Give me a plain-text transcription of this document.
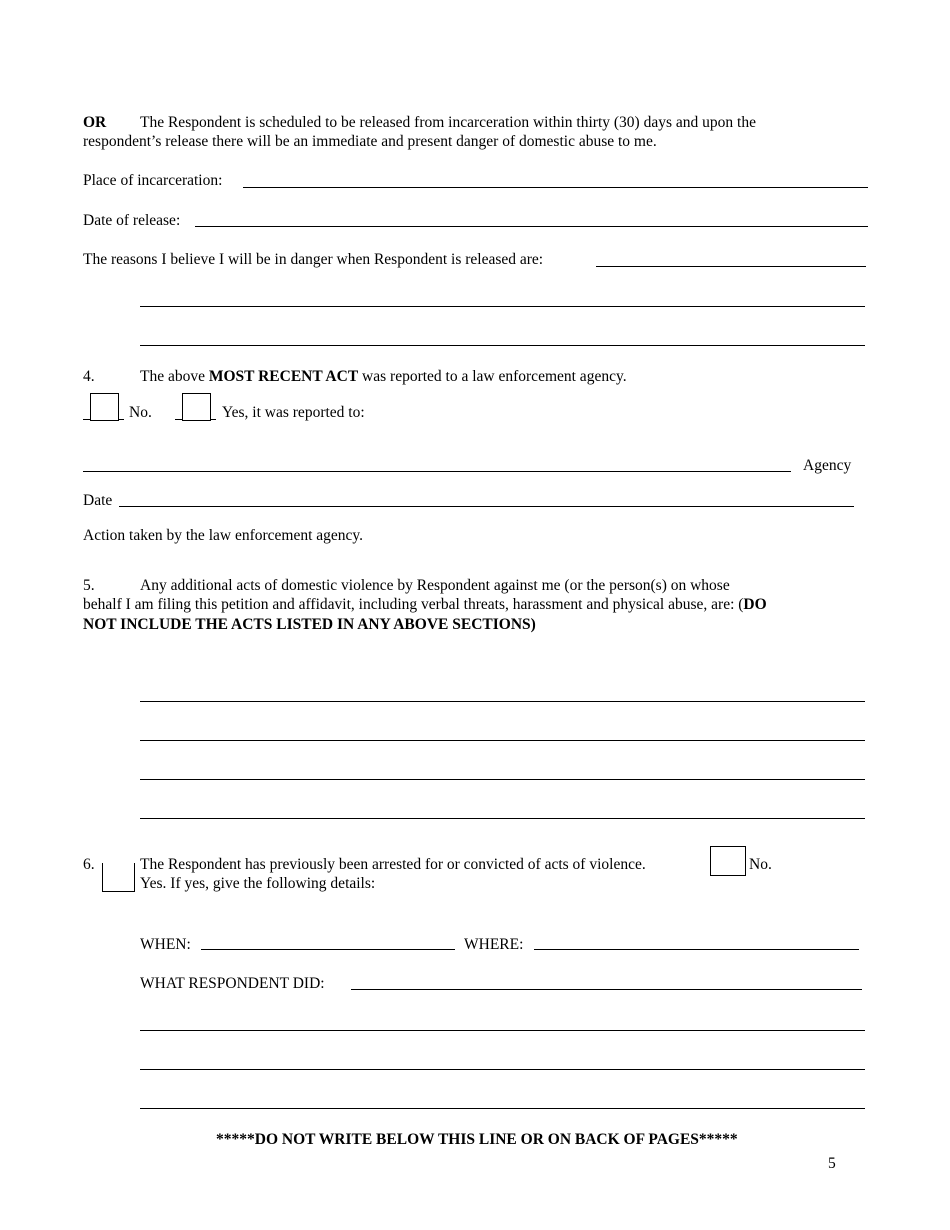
OR The Respondent is scheduled to be released from incarceration within thirty (30) days and upon the
respondent’s release there will be an immediate and present danger of domestic abuse to me.
Place of incarceration:
Date of release:
The reasons I believe I will be in danger when Respondent is released are:
4.	The above MOST RECENT ACT was reported to a law enforcement agency.
No.	Yes, it was reported to:
Agency
Date
Action taken by the law enforcement agency.
5.	Any additional acts of domestic violence by Respondent against me (or the person(s) on whose
behalf I am filing this petition and affidavit, including verbal threats, harassment and physical abuse, are: (DO
NOT INCLUDE THE ACTS LISTED IN ANY ABOVE SECTIONS)
6.	The Respondent has previously been arrested for or convicted of acts of violence.	No.
Yes. If yes, give the following details:
WHEN:	WHERE:
WHAT RESPONDENT DID:
*****DO NOT WRITE BELOW THIS LINE OR ON BACK OF PAGES*****
5
